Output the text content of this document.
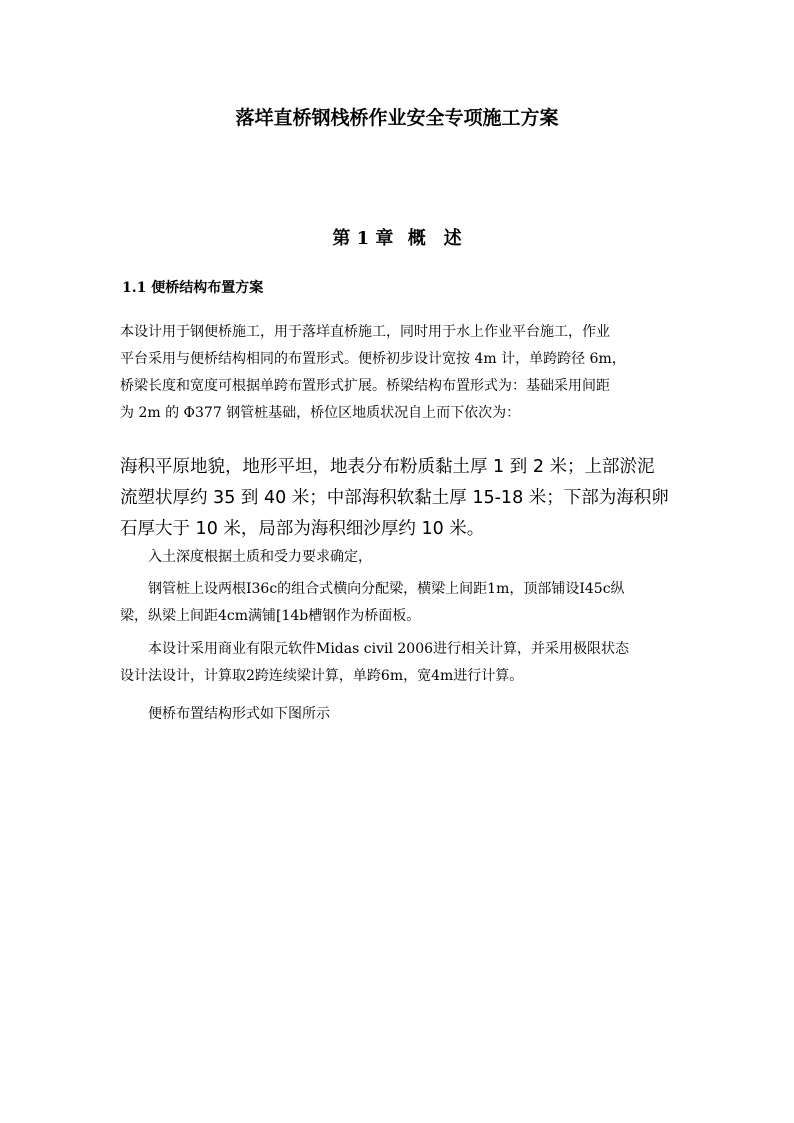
落垟直桥钢栈桥作业安全专项施工方案
第 1 章 概　述
1.1 便桥结构布置方案
本设计用于钢便桥施工，用于落垟直桥施工，同时用于水上作业平台施工，作业
平台采用与便桥结构相同的布置形式。便桥初步设计宽按 4m 计，单跨跨径 6m，
桥梁长度和宽度可根据单跨布置形式扩展。桥梁结构布置形式为：基础采用间距
为 2m 的 Φ377 钢管桩基础，桥位区地质状况自上而下依次为：
海积平原地貌，地形平坦，地表分布粉质黏土厚 1 到 2 米；上部淤泥
流塑状厚约 35 到 40 米；中部海积软黏土厚 15-18 米；下部为海积卵
石厚大于 10 米，局部为海积细沙厚约 10 米。
入土深度根据土质和受力要求确定，
钢管桩上设两根I36c的组合式横向分配梁，横梁上间距1m，顶部铺设I45c纵
梁，纵梁上间距4cm满铺[14b槽钢作为桥面板。
本设计采用商业有限元软件Midas civil 2006进行相关计算，并采用极限状态
设计法设计，计算取2跨连续梁计算，单跨6m，宽4m进行计算。
便桥布置结构形式如下图所示
